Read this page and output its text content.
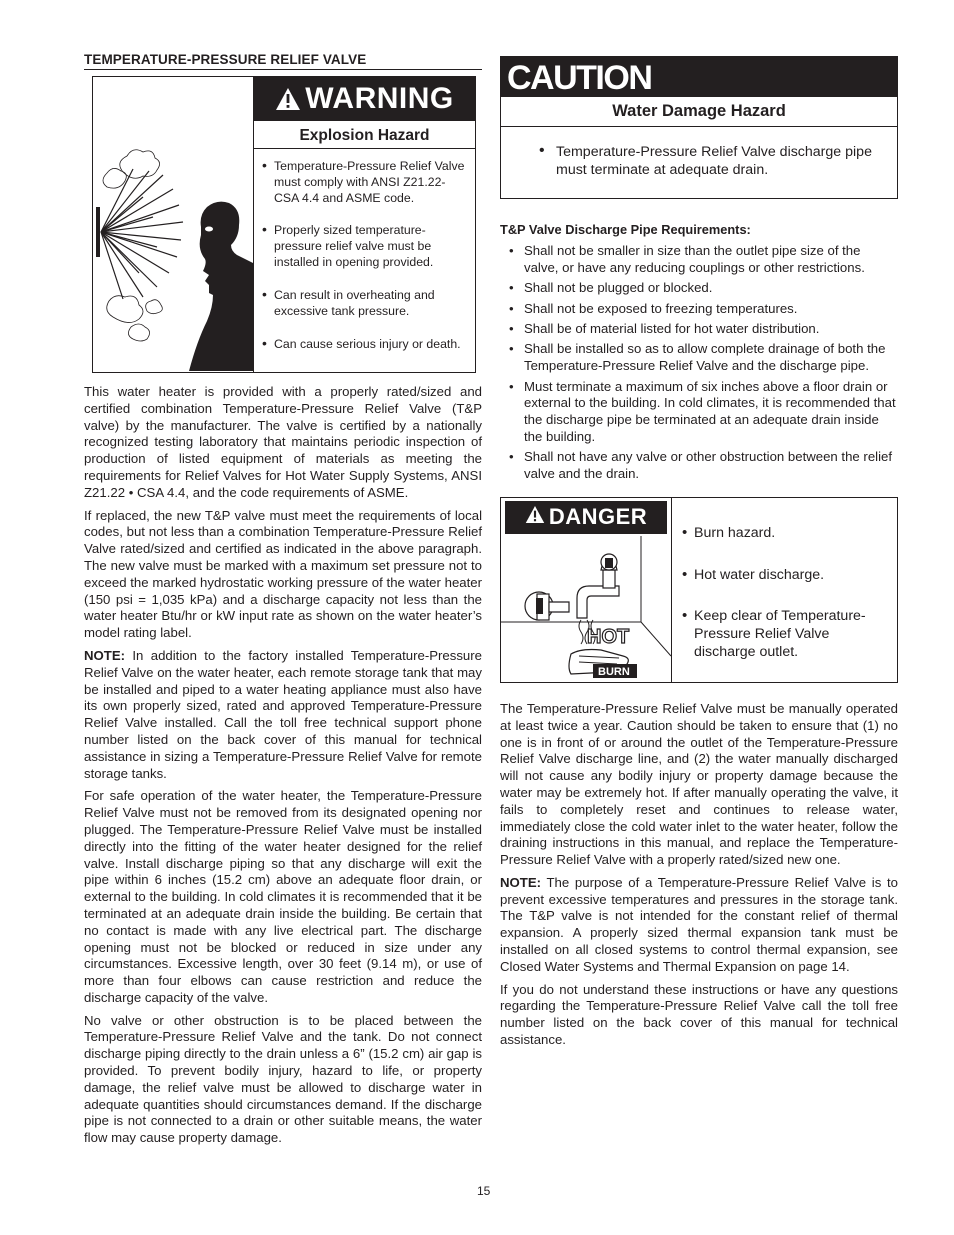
TEMPERATURE-PRESSURE RELIEF VALVE
WARNING
Explosion Hazard
• Temperature-Pressure Relief Valve must comply with ANSI Z21.22-CSA 4.4 and ASME code.
• Properly sized temperature-pressure relief valve must be installed in opening provided.
• Can result in overheating and excessive tank pressure.
• Can cause serious injury or death.

This water heater is provided with a properly rated/sized and certified combination Temperature-Pressure Relief Valve (T&P valve) by the manufacturer. The valve is certified by a nationally recognized testing laboratory that maintains periodic inspection of production of listed equipment of materials as meeting the requirements for Relief Valves for Hot Water Supply Systems, ANSI Z21.22 • CSA 4.4, and the code requirements of ASME.

If replaced, the new T&P valve must meet the requirements of local codes, but not less than a combination Temperature-Pressure Relief Valve rated/sized and certified as indicated in the above paragraph. The new valve must be marked with a maximum set pressure not to exceed the marked hydrostatic working pressure of the water heater (150 psi = 1,035 kPa) and a discharge capacity not less than the water heater Btu/hr or kW input rate as shown on the water heater’s model rating label.

NOTE: In addition to the factory installed Temperature-Pressure Relief Valve on the water heater, each remote storage tank that may be installed and piped to a water heating appliance must also have its own properly sized, rated and approved Temperature-Pressure Relief Valve installed. Call the toll free technical support phone number listed on the back cover of this manual for technical assistance in sizing a Temperature-Pressure Relief Valve for remote storage tanks.

For safe operation of the water heater, the Temperature-Pressure Relief Valve must not be removed from its designated opening nor plugged. The Temperature-Pressure Relief Valve must be installed directly into the fitting of the water heater designed for the relief valve. Install discharge piping so that any discharge will exit the pipe within 6 inches (15.2 cm) above an adequate floor drain, or external to the building. In cold climates it is recommended that it be terminated at an adequate drain inside the building. Be certain that no contact is made with any live electrical part. The discharge opening must not be blocked or reduced in size under any circumstances. Excessive length, over 30 feet (9.14 m), or use of more than four elbows can cause restriction and reduce the discharge capacity of the valve.

No valve or other obstruction is to be placed between the Temperature-Pressure Relief Valve and the tank. Do not connect discharge piping directly to the drain unless a 6” (15.2 cm) air gap is provided. To prevent bodily injury, hazard to life, or property damage, the relief valve must be allowed to discharge water in adequate quantities should circumstances demand. If the discharge pipe is not connected to a drain or other suitable means, the water flow may cause property damage.

CAUTION
Water Damage Hazard
• Temperature-Pressure Relief Valve discharge pipe must terminate at adequate drain.
T&P Valve Discharge Pipe Requirements:
• Shall not be smaller in size than the outlet pipe size of the valve, or have any reducing couplings or other restrictions.
• Shall not be plugged or blocked.
• Shall not be exposed to freezing temperatures.
• Shall be of material listed for hot water distribution.
• Shall be installed so as to allow complete drainage of both the Temperature-Pressure Relief Valve and the discharge pipe.
• Must terminate a maximum of six inches above a floor drain or external to the building. In cold climates, it is recommended that the discharge pipe be terminated at an adequate drain inside the building.
• Shall not have any valve or other obstruction between the relief valve and the drain.
DANGER
HOT
BURN
• Burn hazard.
• Hot water discharge.
• Keep clear of Temperature-Pressure Relief Valve discharge outlet.

The Temperature-Pressure Relief Valve must be manually operated at least twice a year. Caution should be taken to ensure that (1) no one is in front of or around the outlet of the Temperature-Pressure Relief Valve discharge line, and (2) the water manually discharged will not cause any bodily injury or property damage because the water may be extremely hot. If after manually operating the valve, it fails to completely reset and continues to release water, immediately close the cold water inlet to the water heater, follow the draining instructions in this manual, and replace the Temperature-Pressure Relief Valve with a properly rated/sized new one.

NOTE: The purpose of a Temperature-Pressure Relief Valve is to prevent excessive temperatures and pressures in the storage tank. The T&P valve is not intended for the constant relief of thermal expansion. A properly sized thermal expansion tank must be installed on all closed systems to control thermal expansion, see Closed Water Systems and Thermal Expansion on page 14.

If you do not understand these instructions or have any questions regarding the Temperature-Pressure Relief Valve call the toll free number listed on the back cover of this manual for technical assistance.

15
